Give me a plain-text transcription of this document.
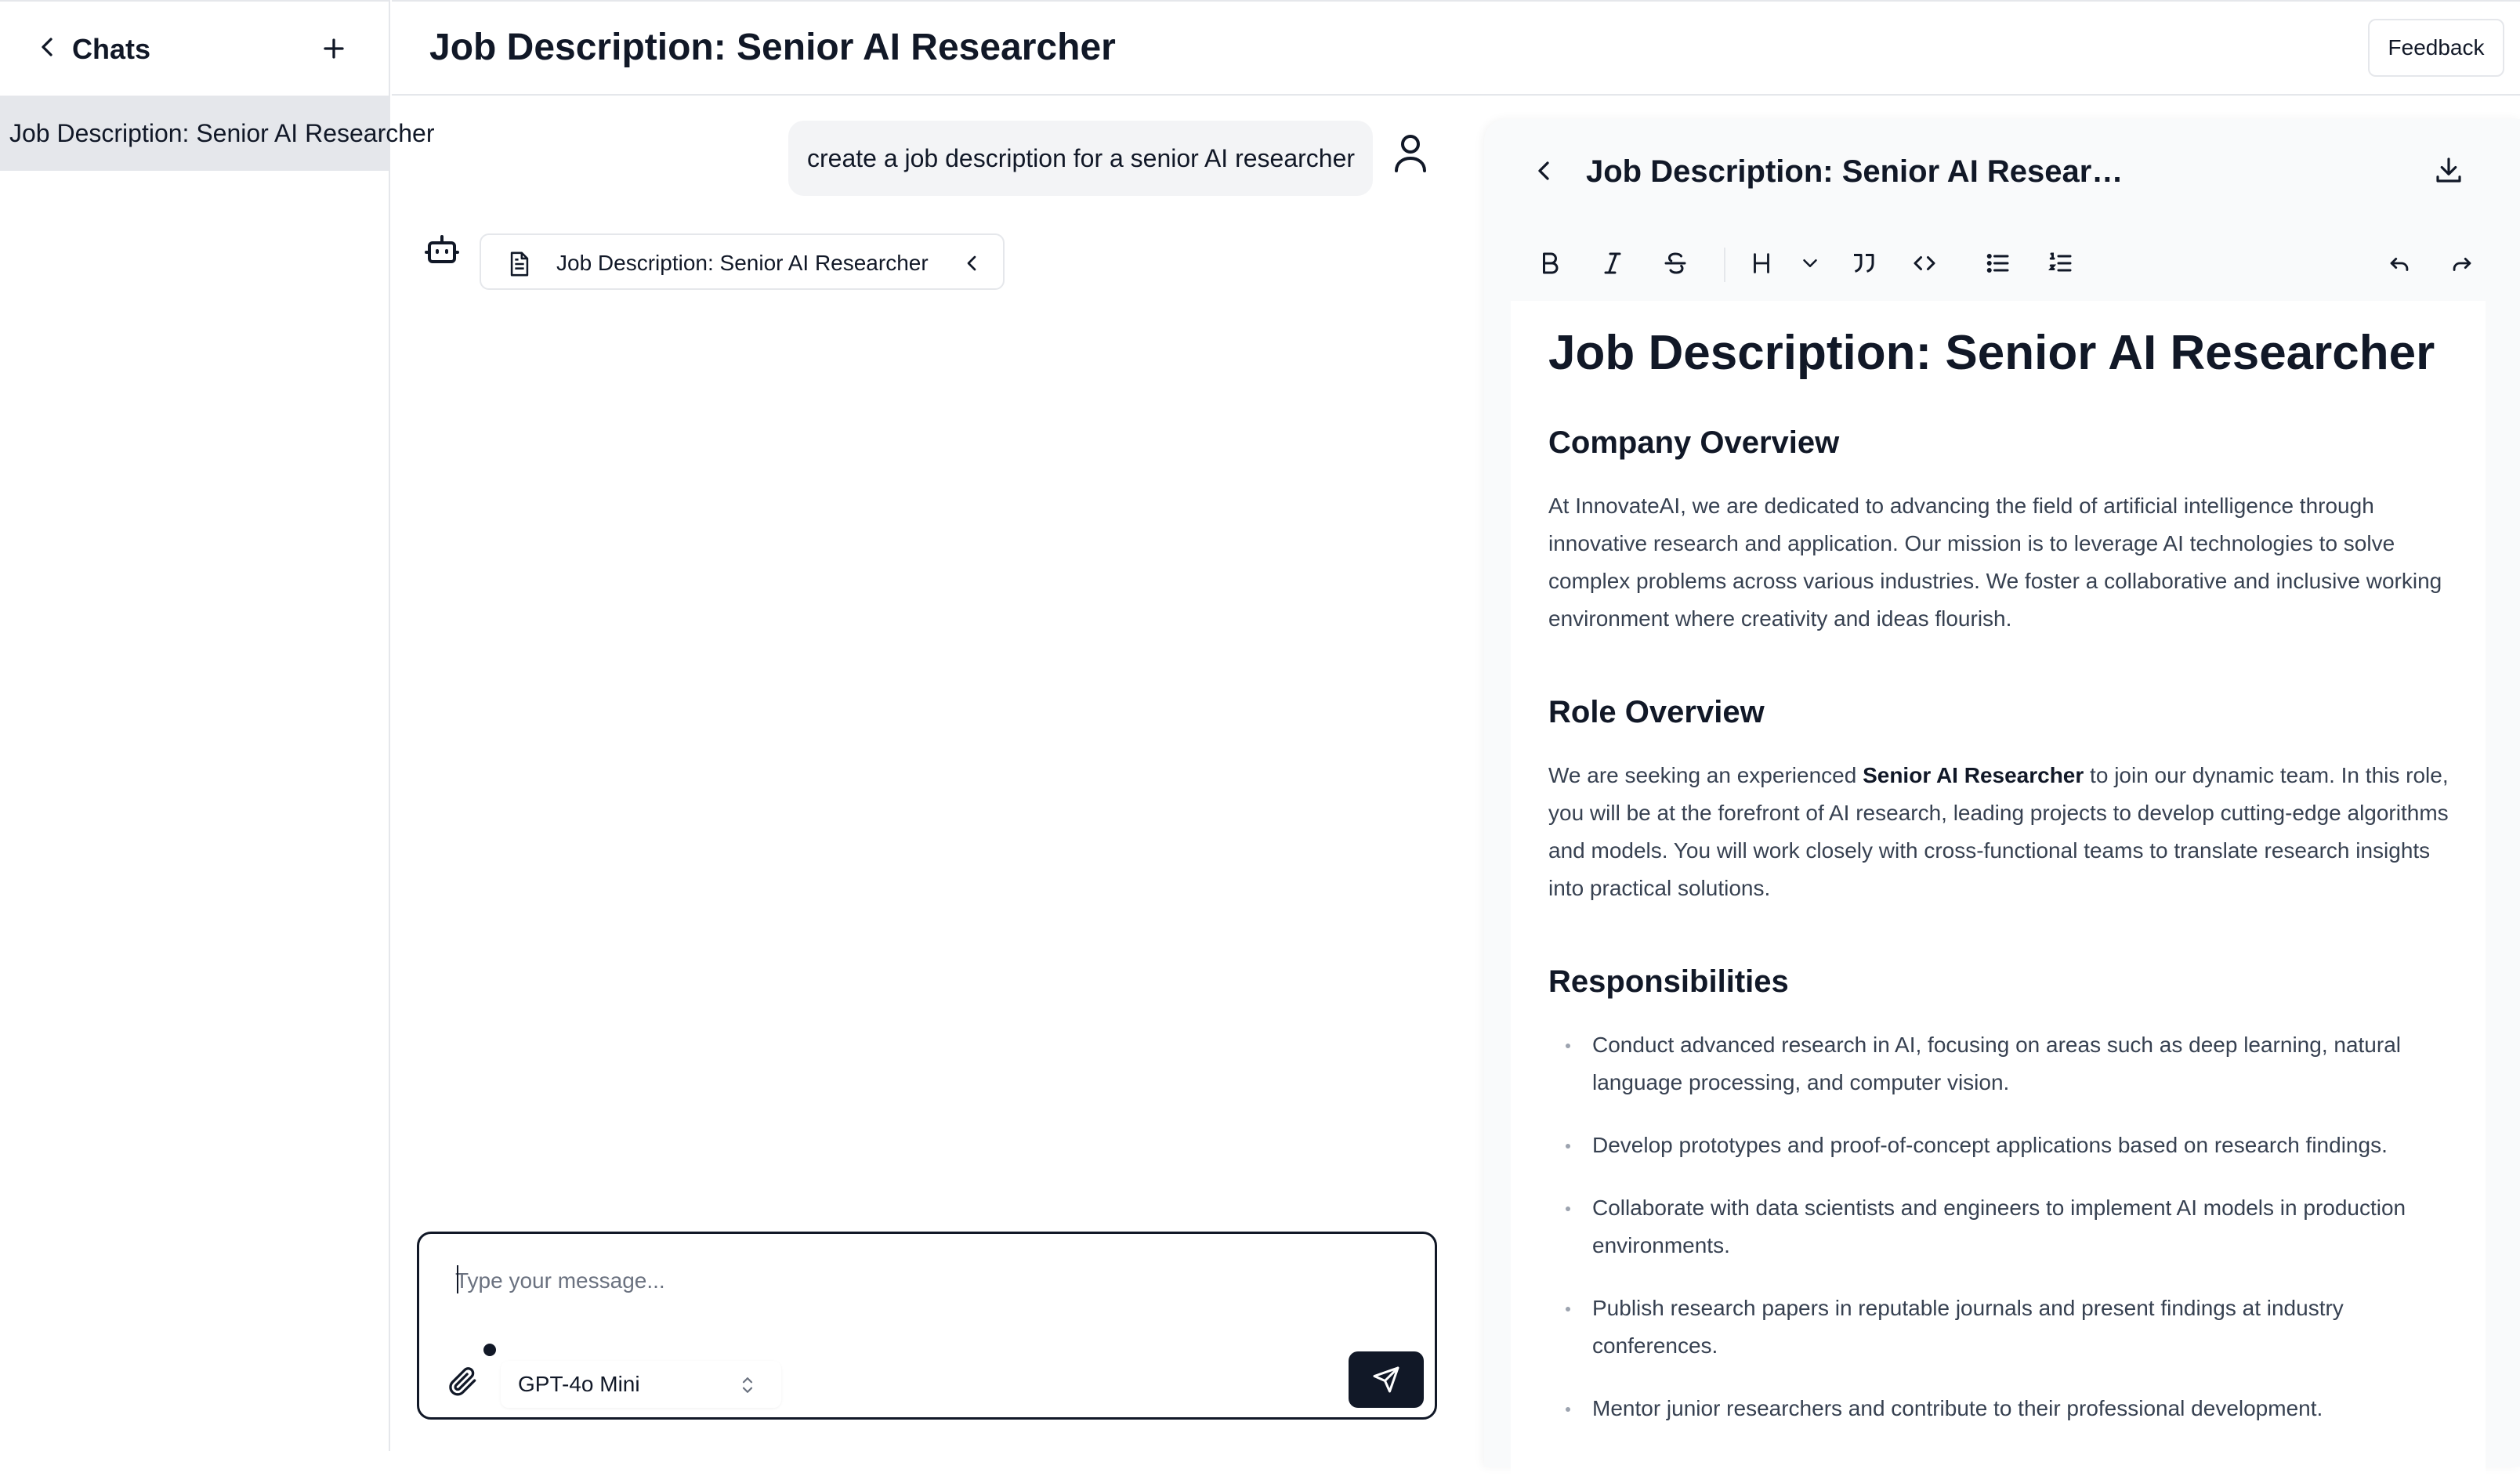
Chats
Job Description: Senior AI Researcher
Job Description: Senior AI Researcher	Feedback
create a job description for a senior AI researcher
Job Description: Senior AI Researcher
Type your message...
GPT-4o Mini
Job Description: Senior AI Resear…
Job Description: Senior AI Researcher
Company Overview

At InnovateAI, we are dedicated to advancing the field of artificial intelligence through innovative research and application. Our mission is to leverage AI technologies to solve complex problems across various industries. We foster a collaborative and inclusive working environment where creativity and ideas flourish.

Role Overview

We are seeking an experienced Senior AI Researcher to join our dynamic team. In this role, you will be at the forefront of AI research, leading projects to develop cutting-edge algorithms and models. You will work closely with cross-functional teams to translate research insights into practical solutions.

Responsibilities
Conduct advanced research in AI, focusing on areas such as deep learning, natural language processing, and computer vision.
Develop prototypes and proof-of-concept applications based on research findings.
Collaborate with data scientists and engineers to implement AI models in production environments.
Publish research papers in reputable journals and present findings at industry conferences.
Mentor junior researchers and contribute to their professional development.
